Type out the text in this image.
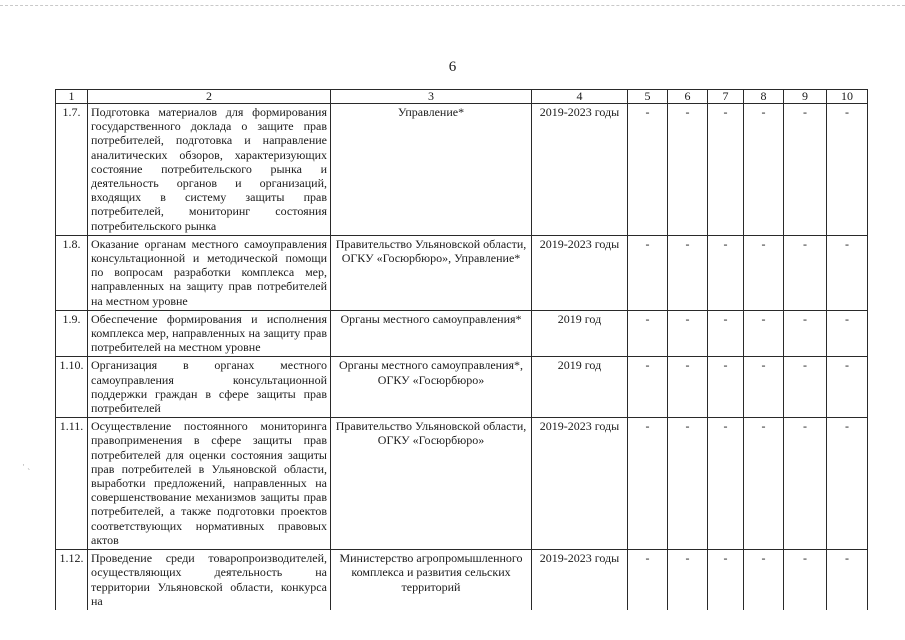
6
1	2	3	4	5	6	7	8	9	10
1.7.	Подготовка материалов для формирования государственного доклада о защите прав потребителей, подготовка и направление аналитических обзоров, характеризующих состояние потребительского рынка и деятельность органов и организаций, входящих в систему защиты прав потребителей, мониторинг состояния потребительского рынка	Управление*	2019-2023 годы	-	-	-	-	-	-
1.8.	Оказание органам местного самоуправления консультационной и методической помощи по вопросам разработки комплекса мер, направленных на защиту прав потребителей на местном уровне	Правительство Ульяновской области, ОГКУ «Госюрбюро», Управление*	2019-2023 годы	-	-	-	-	-	-
1.9.	Обеспечение формирования и исполнения комплекса мер, направленных на защиту прав потребителей на местном уровне	Органы местного самоуправления*	2019 год	-	-	-	-	-	-
1.10.	Организация в органах местного самоуправления консультационной поддержки граждан в сфере защиты прав потребителей	Органы местного самоуправления*, ОГКУ «Госюрбюро»	2019 год	-	-	-	-	-	-
1.11.	Осуществление постоянного мониторинга правоприменения в сфере защиты прав потребителей для оценки состояния защиты прав потребителей в Ульяновской области, выработки предложений, направленных на совершенствование механизмов защиты прав потребителей, а также подготовки проектов соответствующих нормативных правовых актов	Правительство Ульяновской области, ОГКУ «Госюрбюро»	2019-2023 годы	-	-	-	-	-	-
1.12.	Проведение среди товаропроизводителей, осуществляющих деятельность на территории Ульяновской области, конкурса на	Министерство агропромышленного комплекса и развития сельских территорий	2019-2023 годы	-	-	-	-	-	-
· ˎ
